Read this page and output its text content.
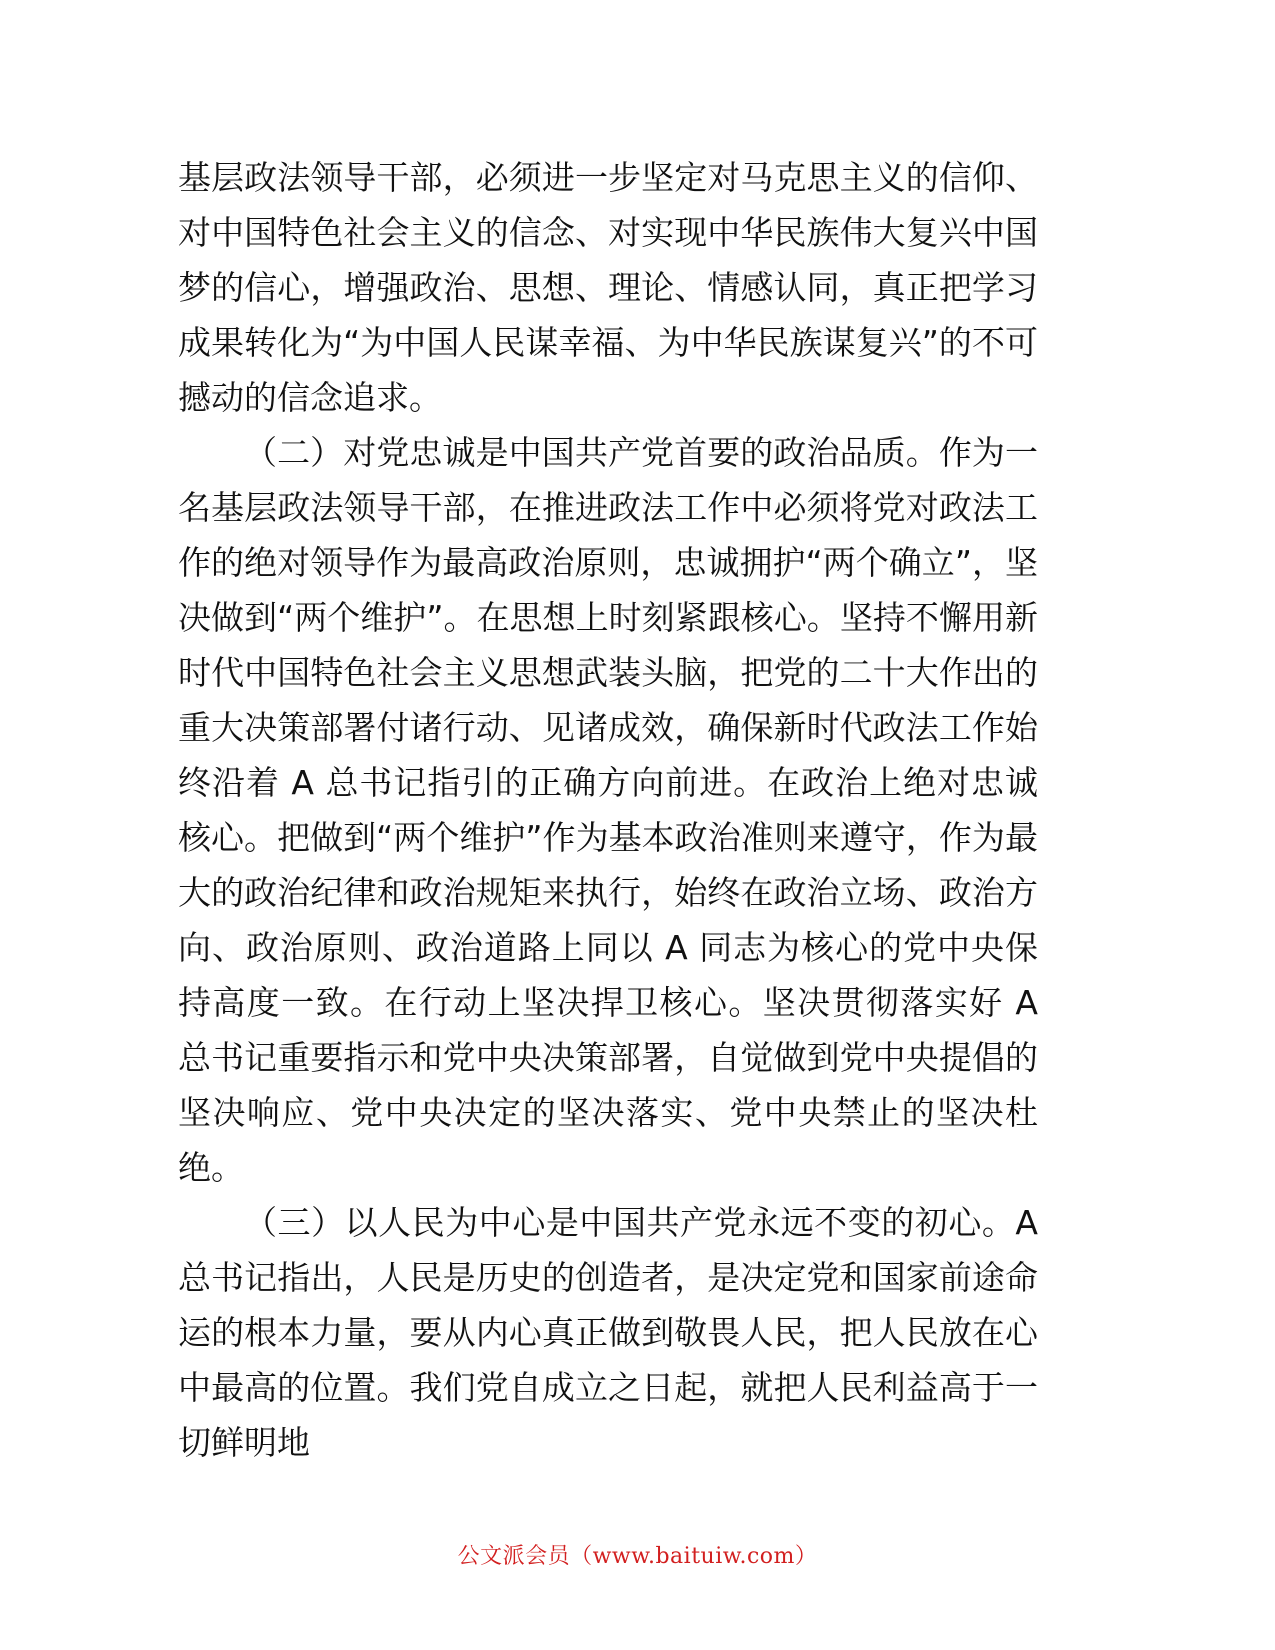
基层政法领导干部，必须进一步坚定对马克思主义的信仰、对中国特色社会主义的信念、对实现中华民族伟大复兴中国梦的信心，增强政治、思想、理论、情感认同，真正把学习成果转化为“为中国人民谋幸福、为中华民族谋复兴”的不可撼动的信念追求。

（二）对党忠诚是中国共产党首要的政治品质。作为一名基层政法领导干部，在推进政法工作中必须将党对政法工作的绝对领导作为最高政治原则，忠诚拥护“两个确立”，坚决做到“两个维护”。在思想上时刻紧跟核心。坚持不懈用新时代中国特色社会主义思想武装头脑，把党的二十大作出的重大决策部署付诸行动、见诸成效，确保新时代政法工作始终沿着 A 总书记指引的正确方向前进。在政治上绝对忠诚核心。把做到“两个维护”作为基本政治准则来遵守，作为最大的政治纪律和政治规矩来执行，始终在政治立场、政治方向、政治原则、政治道路上同以 A 同志为核心的党中央保持高度一致。在行动上坚决捍卫核心。坚决贯彻落实好 A 总书记重要指示和党中央决策部署，自觉做到党中央提倡的坚决响应、党中央决定的坚决落实、党中央禁止的坚决杜绝。

（三）以人民为中心是中国共产党永远不变的初心。A 总书记指出，人民是历史的创造者，是决定党和国家前途命运的根本力量，要从内心真正做到敬畏人民，把人民放在心中最高的位置。我们党自成立之日起，就把人民利益高于一切鲜明地

公文派会员（www.baituiw.com）
